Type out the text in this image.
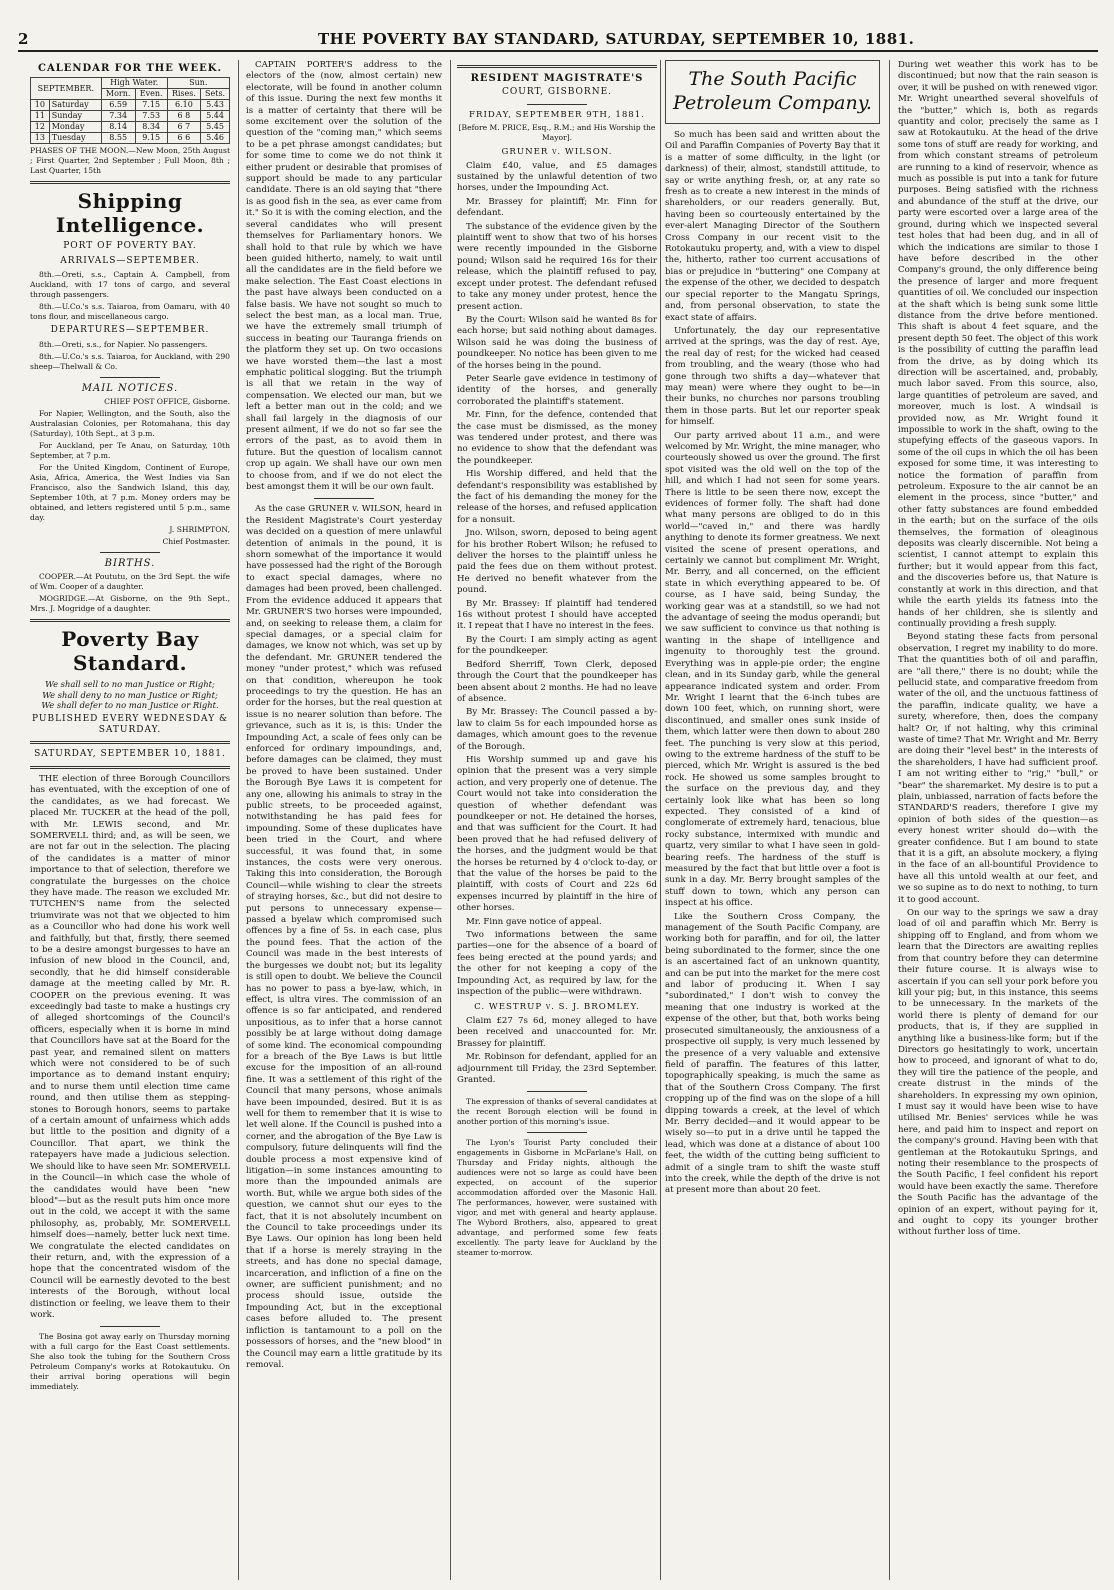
2	THE POVERTY BAY STANDARD, SATURDAY, SEPTEMBER 10, 1881.
CALENDAR FOR THE WEEK.
SEPTEMBER.		High Water.		Sun.	
		Morn.	Even.	Rises.	Sets.
10	Saturday	6.59	7.15	6.10	5.43
11	Sunday	7.34	7.53	6 8	5.44
12	Monday	8.14	8.34	6 7	5.45
13	Tuesday	8.55	9.15	6 6	5.46

PHASES OF THE MOON.—New Moon, 25th August ; First Quarter, 2nd September ; Full Moon, 8th ; Last Quarter, 15th

Shipping Intelligence.
PORT OF POVERTY BAY.
ARRIVALS—SEPTEMBER.

8th.—Oreti, s.s., Captain A. Campbell, from Auckland, with 17 tons of cargo, and several through passengers.

8th.—U.Co.'s s.s. Taiaroa, from Oamaru, with 40 tons flour, and miscellaneous cargo.

DEPARTURES—SEPTEMBER.

8th.—Oreti, s.s., for Napier. No passengers.

8th.—U.Co.'s s.s. Taiaroa, for Auckland, with 290 sheep—Thelwall & Co.

MAIL NOTICES.

CHIEF POST OFFICE, Gisborne.

For Napier, Wellington, and the South, also the Australasian Colonies, per Rotomahana, this day (Saturday), 10th Sept., at 3 p.m.

For Auckland, per Te Anau, on Saturday, 10th September, at 7 p.m.

For the United Kingdom, Continent of Europe, Asia, Africa, America, the West Indies via San Francisco, also the Sandwich Island, this day, September 10th, at 7 p.m. Money orders may be obtained, and letters registered until 5 p.m., same day.

J. SHRIMPTON,

Chief Postmaster.

BIRTHS.

COOPER.—At Poututu, on the 3rd Sept. the wife of Wm. Cooper of a daughter.

MOGRIDGE.—At Gisborne, on the 9th Sept., Mrs. J. Mogridge of a daughter.

Poverty Bay Standard.
We shall sell to no man Justice or Right;
We shall deny to no man Justice or Right;
We shall defer to no man Justice or Right.
PUBLISHED EVERY WEDNESDAY & SATURDAY.
SATURDAY, SEPTEMBER 10, 1881.

THE election of three Borough Councillors has eventuated, with the exception of one of the candidates, as we had forecast. We placed Mr. TUCKER at the head of the poll, with Mr. LEWIS second, and Mr. SOMERVELL third; and, as will be seen, we are not far out in the selection. The placing of the candidates is a matter of minor importance to that of selection, therefore we congratulate the burgesses on the choice they have made. The reason we excluded Mr. TUTCHEN'S name from the selected triumvirate was not that we objected to him as a Councillor who had done his work well and faithfully, but that, firstly, there seemed to be a desire amongst burgesses to have an infusion of new blood in the Council, and, secondly, that he did himself considerable damage at the meeting called by Mr. R. COOPER on the previous evening. It was exceedingly bad taste to make a hustings cry of alleged shortcomings of the Council's officers, especially when it is borne in mind that Councillors have sat at the Board for the past year, and remained silent on matters which were not considered to be of such importance as to demand instant enquiry; and to nurse them until election time came round, and then utilise them as stepping-stones to Borough honors, seems to partake of a certain amount of unfairness which adds but little to the position and dignity of a Councillor. That apart, we think the ratepayers have made a judicious selection. We should like to have seen Mr. SOMERVELL in the Council—in which case the whole of the candidates would have been "new blood"—but as the result puts him once more out in the cold, we accept it with the same philosophy, as, probably, Mr. SOMERVELL himself does—namely, better luck next time. We congratulate the elected candidates on their return, and, with the expression of a hope that the concentrated wisdom of the Council will be earnestly devoted to the best interests of the Borough, without local distinction or feeling, we leave them to their work.

The Bosina got away early on Thursday morning with a full cargo for the East Coast settlements. She also took the tubing for the Southern Cross Petroleum Company's works at Rotokautuku. On their arrival boring operations will begin immediately.

CAPTAIN PORTER'S address to the electors of the (now, almost certain) new electorate, will be found in another column of this issue. During the next few months it is a matter of certainty that there will be some excitement over the solution of the question of the "coming man," which seems to be a pet phrase amongst candidates; but for some time to come we do not think it either prudent or desirable that promises of support should be made to any particular candidate. There is an old saying that "there is as good fish in the sea, as ever came from it." So it is with the coming election, and the several candidates who will present themselves for Parliamentary honors. We shall hold to that rule by which we have been guided hitherto, namely, to wait until all the candidates are in the field before we make selection. The East Coast elections in the past have always been conducted on a false basis. We have not sought so much to select the best man, as a local man. True, we have the extremely small triumph of success in beating our Tauranga friends on the platform they set up. On two occasions we have worsted them—the last a most emphatic political slogging. But the triumph is all that we retain in the way of compensation. We elected our man, but we left a better man out in the cold; and we shall fail largely in the diagnosis of our present ailment, if we do not so far see the errors of the past, as to avoid them in future. But the question of localism cannot crop up again. We shall have our own men to choose from, and if we do not elect the best amongst them it will be our own fault.

As the case GRUNER v. WILSON, heard in the Resident Magistrate's Court yesterday was decided on a question of mere unlawful detention of animals in the pound, it is shorn somewhat of the importance it would have possessed had the right of the Borough to exact special damages, where no damages had been proved, been challenged. From the evidence adduced it appears that Mr. GRUNER'S two horses were impounded, and, on seeking to release them, a claim for special damages, or a special claim for damages, we know not which, was set up by the defendant. Mr. GRUNER tendered the money "under protest," which was refused on that condition, whereupon he took proceedings to try the question. He has an order for the horses, but the real question at issue is no nearer solution than before. The grievance, such as it is, is this: Under the Impounding Act, a scale of fees only can be enforced for ordinary impoundings, and, before damages can be claimed, they must be proved to have been sustained. Under the Borough Bye Laws it is competent for any one, allowing his animals to stray in the public streets, to be proceeded against, notwithstanding he has paid fees for impounding. Some of these duplicates have been tried in the Court, and where successful, it was found that, in some instances, the costs were very onerous. Taking this into consideration, the Borough Council—while wishing to clear the streets of straying horses, &c., but did not desire to put persons to unnecessary expense—passed a byelaw which compromised such offences by a fine of 5s. in each case, plus the pound fees. That the action of the Council was made in the best interests of the burgesses we doubt not; but its legality is still open to doubt. We believe the Council has no power to pass a bye-law, which, in effect, is ultra vires. The commission of an offence is so far anticipated, and rendered unpositious, as to infer that a horse cannot possibly be at large without doing damage of some kind. The economical compounding for a breach of the Bye Laws is but little excuse for the imposition of an all-round fine. It was a settlement of this right of the Council that many persons, whose animals have been impounded, desired. But it is as well for them to remember that it is wise to let well alone. If the Council is pushed into a corner, and the abrogation of the Bye Law is compulsory, future delinquents will find the double process a most expensive kind of litigation—in some instances amounting to more than the impounded animals are worth. But, while we argue both sides of the question, we cannot shut our eyes to the fact, that it is not absolutely incumbent on the Council to take proceedings under its Bye Laws. Our opinion has long been held that if a horse is merely straying in the streets, and has done no special damage, incarceration, and infliction of a fine on the owner, are sufficient punishment; and no process should issue, outside the Impounding Act, but in the exceptional cases before alluded to. The present infliction is tantamount to a poll on the possessors of horses, and the "new blood" in the Council may earn a little gratitude by its removal.

RESIDENT MAGISTRATE'S
COURT, GISBORNE.
FRIDAY, SEPTEMBER 9TH, 1881.

[Before M. PRICE, Esq., R.M.; and His Worship the Mayor].

GRUNER v. WILSON.

Claim £40, value, and £5 damages sustained by the unlawful detention of two horses, under the Impounding Act.

Mr. Brassey for plaintiff; Mr. Finn for defendant.

The substance of the evidence given by the plaintiff went to show that two of his horses were recently impounded in the Gisborne pound; Wilson said he required 16s for their release, which the plaintiff refused to pay, except under protest. The defendant refused to take any money under protest, hence the present action.

By the Court: Wilson said he wanted 8s for each horse; but said nothing about damages. Wilson said he was doing the business of poundkeeper. No notice has been given to me of the horses being in the pound.

Peter Searle gave evidence in testimony of identity of the horses, and generally corroborated the plaintiff's statement.

Mr. Finn, for the defence, contended that the case must be dismissed, as the money was tendered under protest, and there was no evidence to show that the defendant was the poundkeeper.

His Worship differed, and held that the defendant's responsibility was established by the fact of his demanding the money for the release of the horses, and refused application for a nonsuit.

Jno. Wilson, sworn, deposed to being agent for his brother Robert Wilson; he refused to deliver the horses to the plaintiff unless he paid the fees due on them without protest. He derived no benefit whatever from the pound.

By Mr. Brassey: If plaintiff had tendered 16s without protest I should have accepted it. I repeat that I have no interest in the fees.

By the Court: I am simply acting as agent for the poundkeeper.

Bedford Sherriff, Town Clerk, deposed through the Court that the poundkeeper has been absent about 2 months. He had no leave of absence.

By Mr. Brassey: The Council passed a by-law to claim 5s for each impounded horse as damages, which amount goes to the revenue of the Borough.

His Worship summed up and gave his opinion that the present was a very simple action, and very properly one of detenue. The Court would not take into consideration the question of whether defendant was poundkeeper or not. He detained the horses, and that was sufficient for the Court. It had been proved that he had refused delivery of the horses, and the judgment would be that the horses be returned by 4 o'clock to-day, or that the value of the horses be paid to the plaintiff, with costs of Court and 22s 6d expenses incurred by plaintiff in the hire of other horses.

Mr. Finn gave notice of appeal.

Two informations between the same parties—one for the absence of a board of fees being erected at the pound yards; and the other for not keeping a copy of the Impounding Act, as required by law, for the inspection of the public—were withdrawn.

C. WESTRUP v. S. J. BROMLEY.

Claim £27 7s 6d, money alleged to have been received and unaccounted for. Mr. Brassey for plaintiff.

Mr. Robinson for defendant, applied for an adjournment till Friday, the 23rd September. Granted.

The expression of thanks of several candidates at the recent Borough election will be found in another portion of this morning's issue.

The Lyon's Tourist Party concluded their engagements in Gisborne in McFarlane's Hall, on Thursday and Friday nights, although the audiences were not so large as could have been expected, on account of the superior accommodation afforded over the Masonic Hall. The performances, however, were sustained with vigor, and met with general and hearty applause. The Wybord Brothers, also, appeared to great advantage, and performed some few feats excellently. The party leave for Auckland by the steamer to-morrow.

The South Pacific Petroleum Company.

So much has been said and written about the Oil and Paraffin Companies of Poverty Bay that it is a matter of some difficulty, in the light (or darkness) of their, almost, standstill attitude, to say or write anything fresh, or, at any rate so fresh as to create a new interest in the minds of shareholders, or our readers generally. But, having been so courteously entertained by the ever-alert Managing Director of the Southern Cross Company in our recent visit to the Rotokautuku property, and, with a view to dispel the, hitherto, rather too current accusations of bias or prejudice in "buttering" one Company at the expense of the other, we decided to despatch our special reporter to the Mangatu Springs, and, from personal observation, to state the exact state of affairs.

Unfortunately, the day our representative arrived at the springs, was the day of rest. Aye, the real day of rest; for the wicked had ceased from troubling, and the weary (those who had gone through two shifts a day—whatever that may mean) were where they ought to be—in their bunks, no churches nor parsons troubling them in those parts. But let our reporter speak for himself.

Our party arrived about 11 a.m., and were welcomed by Mr. Wright, the mine manager, who courteously showed us over the ground. The first spot visited was the old well on the top of the hill, and which I had not seen for some years. There is little to be seen there now, except the evidences of former folly. The shaft had done what many persons are obliged to do in this world—"caved in," and there was hardly anything to denote its former greatness. We next visited the scene of present operations, and certainly we cannot but compliment Mr. Wright, Mr. Berry, and all concerned, on the efficient state in which everything appeared to be. Of course, as I have said, being Sunday, the working gear was at a standstill, so we had not the advantage of seeing the modus operandi; but we saw sufficient to convince us that nothing is wanting in the shape of intelligence and ingenuity to thoroughly test the ground. Everything was in apple-pie order; the engine clean, and in its Sunday garb, while the general appearance indicated system and order. From Mr. Wright I learnt that the 6-inch tubes are down 100 feet, which, on running short, were discontinued, and smaller ones sunk inside of them, which latter were then down to about 280 feet. The punching is very slow at this period, owing to the extreme hardness of the stuff to be pierced, which Mr. Wright is assured is the bed rock. He showed us some samples brought to the surface on the previous day, and they certainly look like what has been so long expected. They consisted of a kind of conglomerate of extremely hard, tenacious, blue rocky substance, intermixed with mundic and quartz, very similar to what I have seen in gold-bearing reefs. The hardness of the stuff is measured by the fact that but little over a foot is sunk in a day. Mr. Berry brought samples of the stuff down to town, which any person can inspect at his office.

Like the Southern Cross Company, the management of the South Pacific Company, are working both for paraffin, and for oil, the latter being subordinated to the former, since the one is an ascertained fact of an unknown quantity, and can be put into the market for the mere cost and labor of producing it. When I say "subordinated," I don't wish to convey the meaning that one industry is worked at the expense of the other, but that, both works being prosecuted simultaneously, the anxiousness of a prospective oil supply, is very much lessened by the presence of a very valuable and extensive field of paraffin. The features of this latter, topographically speaking, is much the same as that of the Southern Cross Company. The first cropping up of the find was on the slope of a hill dipping towards a creek, at the level of which Mr. Berry decided—and it would appear to be wisely so—to put in a drive until he tapped the lead, which was done at a distance of about 100 feet, the width of the cutting being sufficient to admit of a single tram to shift the waste stuff into the creek, while the depth of the drive is not at present more than about 20 feet.

During wet weather this work has to be discontinued; but now that the rain season is over, it will be pushed on with renewed vigor. Mr. Wright unearthed several shovelfuls of the "butter," which is, both as regards quantity and color, precisely the same as I saw at Rotokautuku. At the head of the drive some tons of stuff are ready for working, and from which constant streams of petroleum are running to a kind of reservoir, whence as much as possible is put into a tank for future purposes. Being satisfied with the richness and abundance of the stuff at the drive, our party were escorted over a large area of the ground, during which we inspected several test holes that had been dug, and in all of which the indications are similar to those I have before described in the other Company's ground, the only difference being the presence of larger and more frequent quantities of oil. We concluded our inspection at the shaft which is being sunk some little distance from the drive before mentioned. This shaft is about 4 feet square, and the present depth 50 feet. The object of this work is the possibility of cutting the paraffin lead from the drive, as by doing which its direction will be ascertained, and, probably, much labor saved. From this source, also, large quantities of petroleum are saved, and moreover, much is lost. A windsail is provided now, as Mr. Wright found it impossible to work in the shaft, owing to the stupefying effects of the gaseous vapors. In some of the oil cups in which the oil has been exposed for some time, it was interesting to notice the formation of paraffin from petroleum. Exposure to the air cannot be an element in the process, since "butter," and other fatty substances are found embedded in the earth; but on the surface of the oils themselves, the formation of oleaginous deposits was clearly discernible. Not being a scientist, I cannot attempt to explain this further; but it would appear from this fact, and the discoveries before us, that Nature is constantly at work in this direction, and that while the earth yields its fatness into the hands of her children, she is silently and continually providing a fresh supply.

Beyond stating these facts from personal observation, I regret my inability to do more. That the quantities both of oil and paraffin, are "all there," there is no doubt; while the pellucid state, and comparative freedom from water of the oil, and the unctuous fattiness of the paraffin, indicate quality, we have a surety, wherefore, then, does the company halt? Or, if not halting, why this criminal waste of time? That Mr. Wright and Mr. Berry are doing their "level best" in the interests of the shareholders, I have had sufficient proof. I am not writing either to "rig," "bull," or "bear" the sharemarket. My desire is to put a plain, unbiassed, narration of facts before the STANDARD'S readers, therefore I give my opinion of both sides of the question—as every honest writer should do—with the greater confidence. But I am bound to state that it is a gift, an absolute mockery, a flying in the face of an all-bountiful Providence to have all this untold wealth at our feet, and we so supine as to do next to nothing, to turn it to good account.

On our way to the springs we saw a dray load of oil and paraffin which Mr. Berry is shipping off to England, and from whom we learn that the Directors are awaiting replies from that country before they can determine their future course. It is always wise to ascertain if you can sell your pork before you kill your pig; but, in this instance, this seems to be unnecessary. In the markets of the world there is plenty of demand for our products, that is, if they are supplied in anything like a business-like form; but if the Directors go hesitatingly to work, uncertain how to proceed, and ignorant of what to do, they will tire the patience of the people, and create distrust in the minds of the shareholders. In expressing my own opinion, I must say it would have been wise to have utilised Mr. Benies' services while he was here, and paid him to inspect and report on the company's ground. Having been with that gentleman at the Rotokautuku Springs, and noting their resemblance to the prospects of the South Pacific, I feel confident his report would have been exactly the same. Therefore the South Pacific has the advantage of the opinion of an expert, without paying for it, and ought to copy its younger brother without further loss of time.
